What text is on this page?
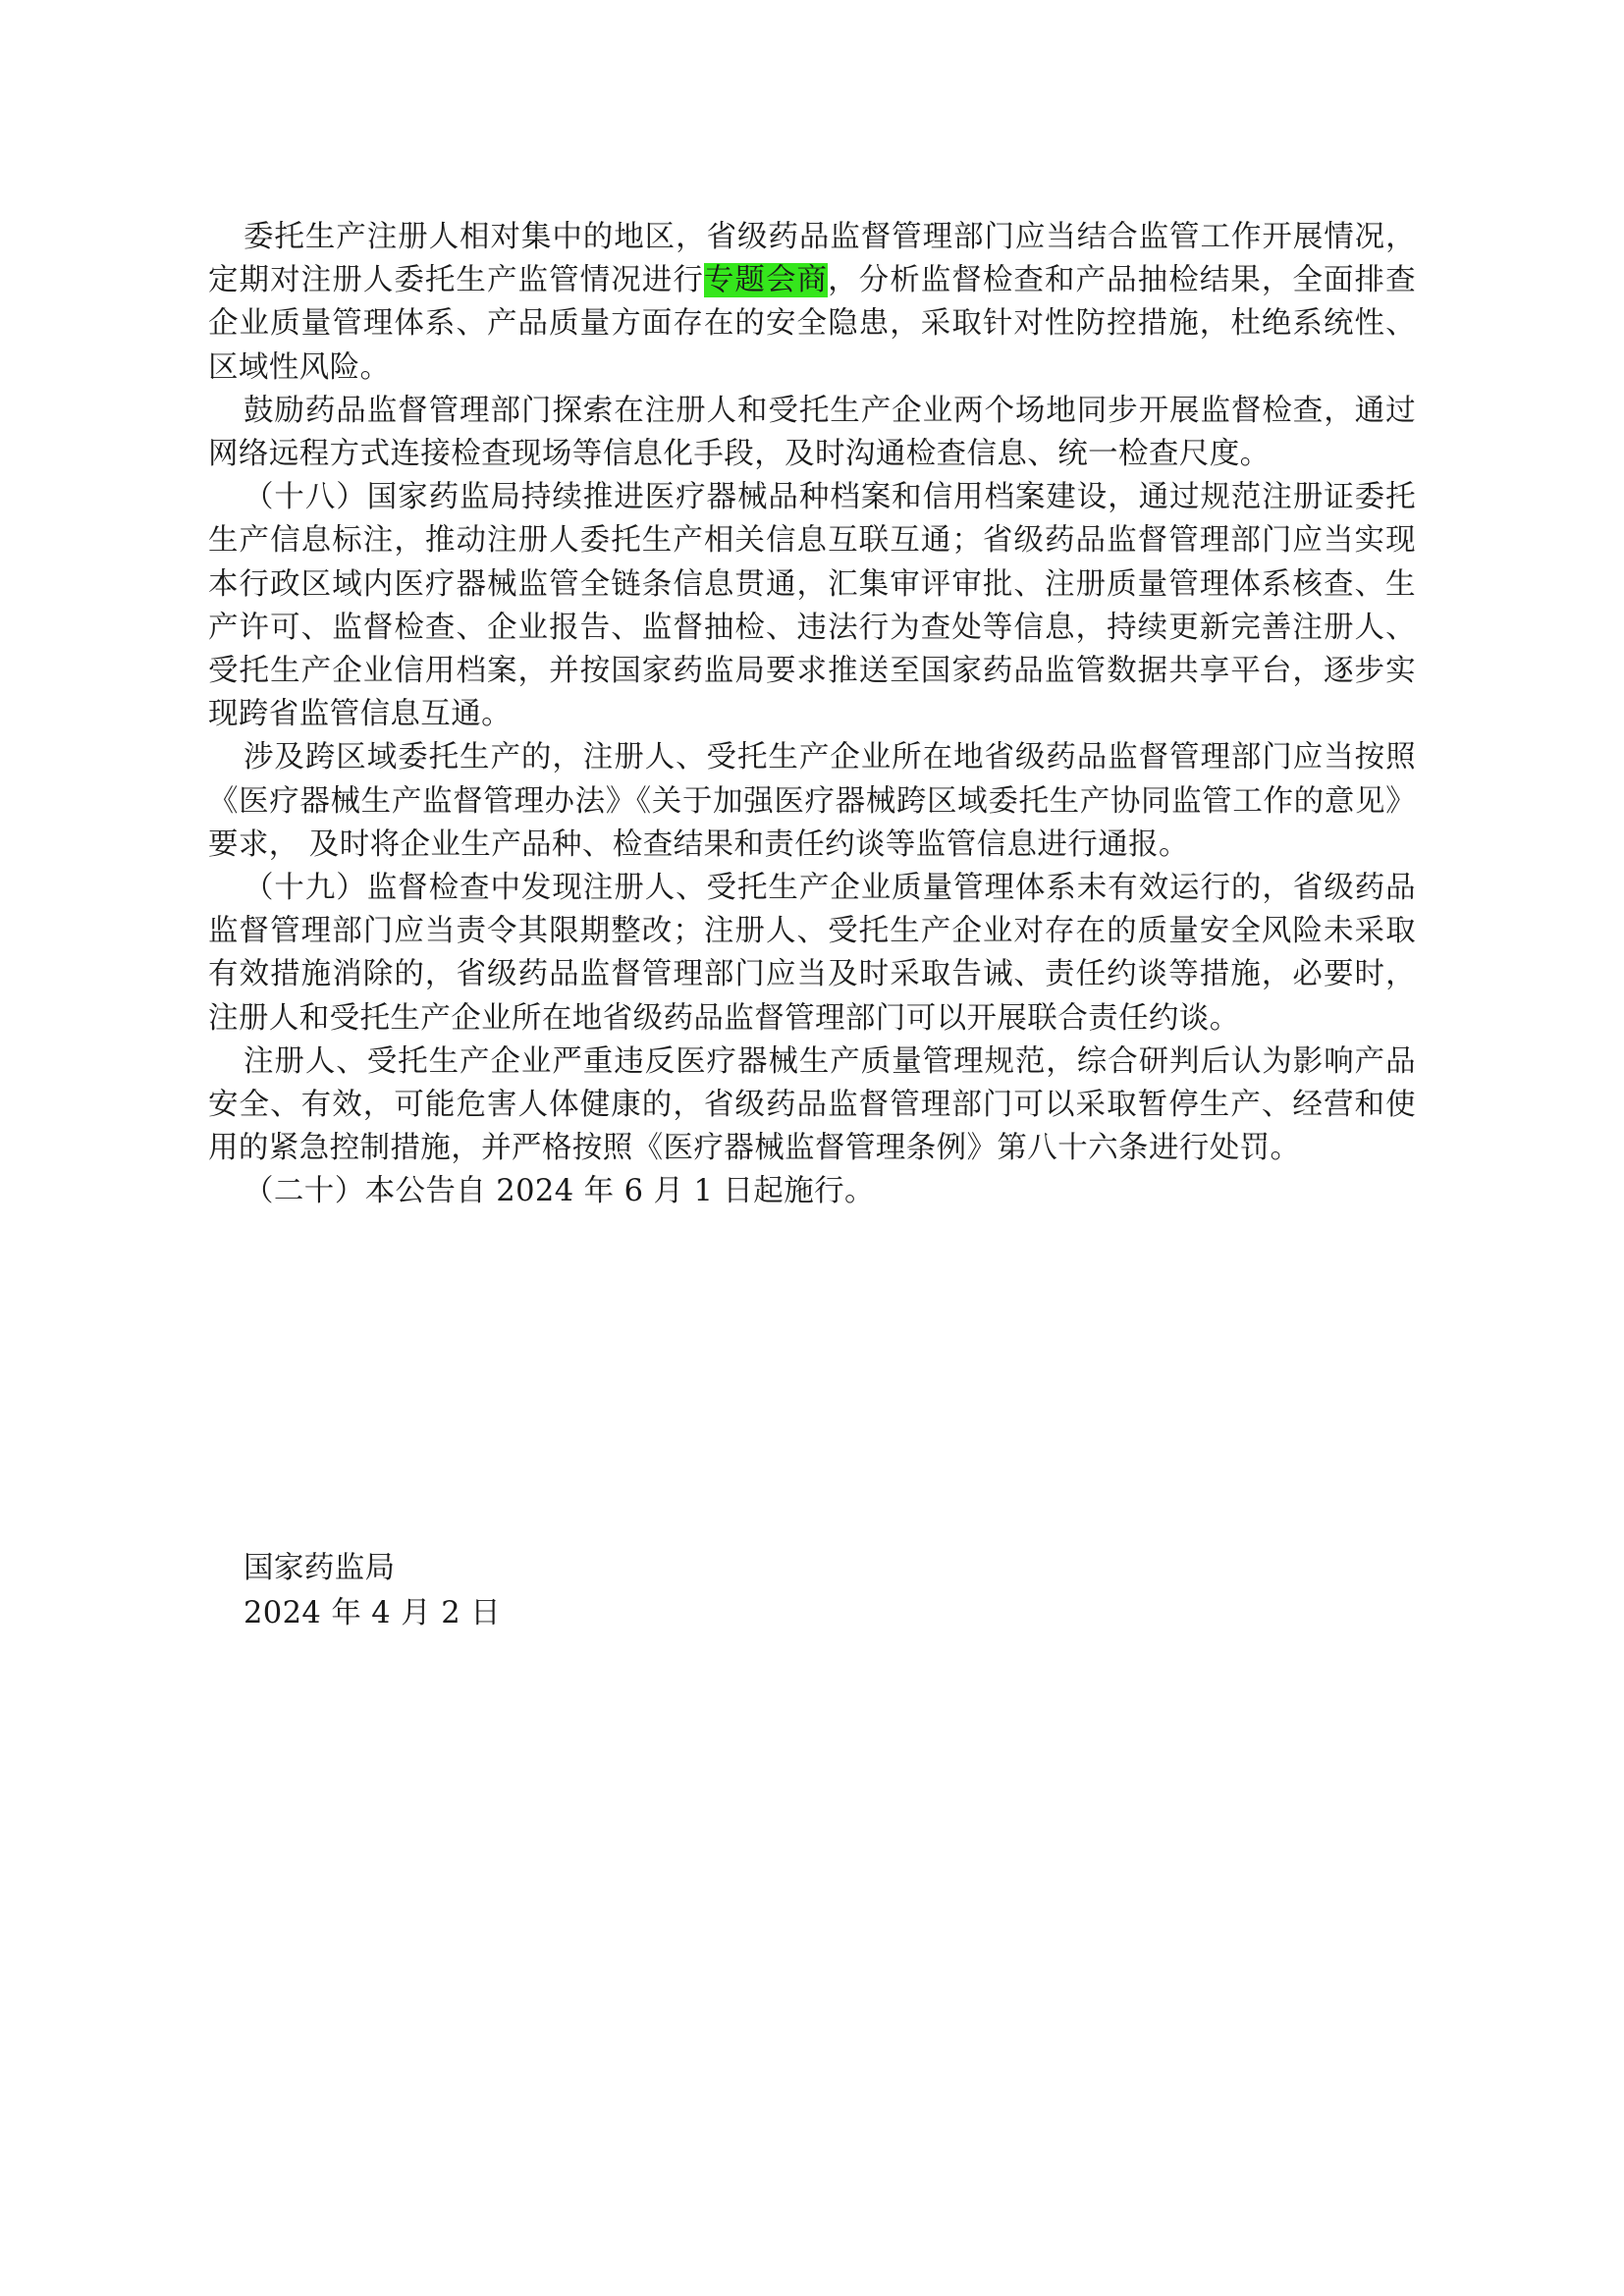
委托生产注册人相对集中的地区，省级药品监督管理部门应当结合监管工作开展情况，定期对注册人委托生产监管情况进行专题会商，分析监督检查和产品抽检结果，全面排查企业质量管理体系、产品质量方面存在的安全隐患，采取针对性防控措施，杜绝系统性、区域性风险。

鼓励药品监督管理部门探索在注册人和受托生产企业两个场地同步开展监督检查，通过网络远程方式连接检查现场等信息化手段，及时沟通检查信息、统一检查尺度。

（十八）国家药监局持续推进医疗器械品种档案和信用档案建设，通过规范注册证委托生产信息标注，推动注册人委托生产相关信息互联互通；省级药品监督管理部门应当实现本行政区域内医疗器械监管全链条信息贯通，汇集审评审批、注册质量管理体系核查、生产许可、监督检查、企业报告、监督抽检、违法行为查处等信息，持续更新完善注册人、受托生产企业信用档案，并按国家药监局要求推送至国家药品监管数据共享平台，逐步实现跨省监管信息互通。

涉及跨区域委托生产的，注册人、受托生产企业所在地省级药品监督管理部门应当按照《医疗器械生产监督管理办法》《关于加强医疗器械跨区域委托生产协同监管工作的意见》要求， 及时将企业生产品种、检查结果和责任约谈等监管信息进行通报。

（十九）监督检查中发现注册人、受托生产企业质量管理体系未有效运行的，省级药品监督管理部门应当责令其限期整改；注册人、受托生产企业对存在的质量安全风险未采取有效措施消除的，省级药品监督管理部门应当及时采取告诫、责任约谈等措施，必要时，注册人和受托生产企业所在地省级药品监督管理部门可以开展联合责任约谈。

注册人、受托生产企业严重违反医疗器械生产质量管理规范，综合研判后认为影响产品安全、有效，可能危害人体健康的，省级药品监督管理部门可以采取暂停生产、经营和使用的紧急控制措施，并严格按照《医疗器械监督管理条例》第八十六条进行处罚。

（二十）本公告自 2024 年 6 月 1 日起施行。

国家药监局
2024 年 4 月 2 日
